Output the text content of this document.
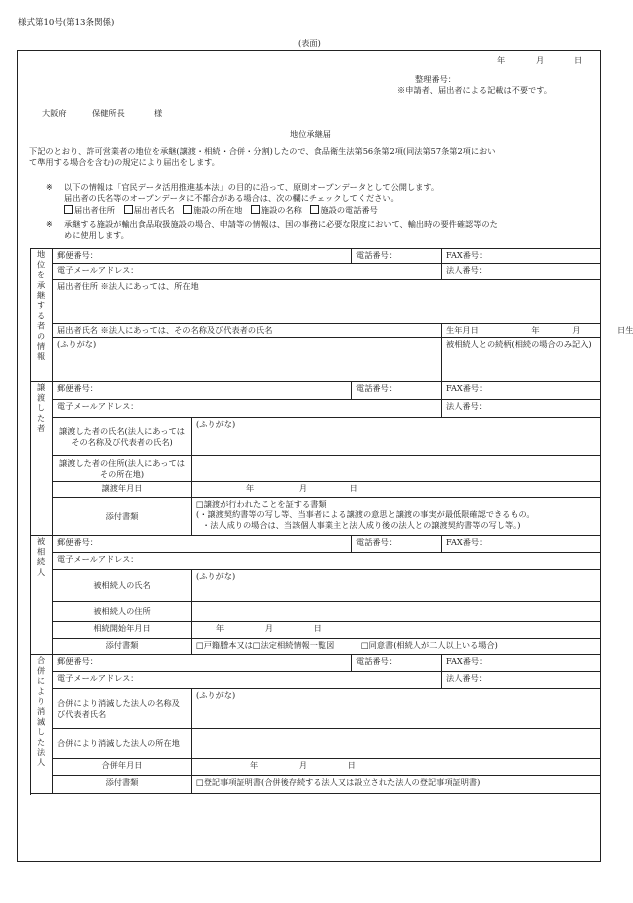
様式第10号(第13条関係)
(表面)
年	月	日
整理番号：
※申請者、届出者による記載は不要です。
大阪府	保健所長	様
地位承継届
下記のとおり、許可営業者の地位を承継(譲渡・相続・合併・分割)したので、食品衛生法第56条第2項(同法第57条第2項におい
て準用する場合を含む)の規定により届出をします。
※ 以下の情報は「官民データ活用推進基本法」の目的に沿って、原則オープンデータとして公開します。
届出者の氏名等のオープンデータに不都合がある場合は、次の欄にチェックしてください。
届出者住所 届出者氏名 施設の所在地 施設の名称 施設の電話番号
※ 承継する施設が輸出食品取扱施設の場合、申請等の情報は、国の事務に必要な限度において、輸出時の要件確認等のた
めに使用します。
地位を承継する者の情報	郵便番号：		電話番号：	FAX番号：
	電子メールアドレス：			法人番号：
	届出者住所 ※法人にあっては、所在地			

	届出者氏名 ※法人にあっては、その名称及び代表者の氏名			生年月日 年 月 日生
	(ふりがな)			被相続人との続柄(相続の場合のみ記入)

譲渡した者	郵便番号：		電話番号：	FAX番号：
	電子メールアドレス：			法人番号：
	譲渡した者の氏名(法人にあってはその名称及び代表者の氏名)	(ふりがな)		
	譲渡した者の住所(法人にあってはその所在地)			
	譲渡年月日	年 月 日		
	添付書類	□譲渡が行われたことを証する書類
(・譲渡契約書等の写し等、当事者による譲渡の意思と譲渡の事実が最低限確認できるもの。
・法人成りの場合は、当該個人事業主と法人成り後の法人との譲渡契約書等の写し等。)		

被相続人	郵便番号：		電話番号：	FAX番号：
	電子メールアドレス：			
	被相続人の氏名	(ふりがな)		
	被相続人の住所			
	相続開始年月日	年 月 日		
	添付書類	□戸籍謄本又は□法定相続情報一覧図 □同意書(相続人が二人以上いる場合)		

合併により消滅した法人	郵便番号：		電話番号：	FAX番号：
	電子メールアドレス：			法人番号：
	合併により消滅した法人の名称及び代表者氏名	(ふりがな)		
	合併により消滅した法人の所在地			
	合併年月日	年 月 日		
	添付書類	□登記事項証明書(合併後存続する法人又は設立された法人の登記事項証明書)		
